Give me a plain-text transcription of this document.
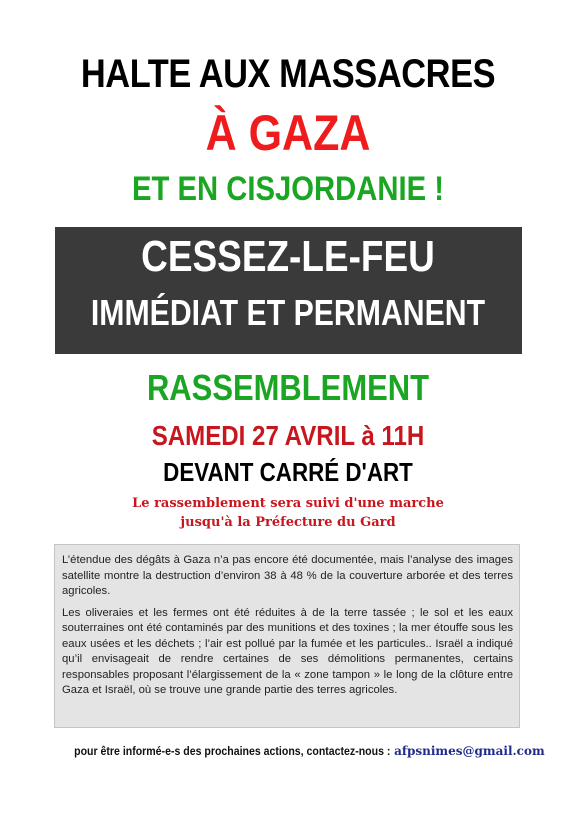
HALTE AUX MASSACRES
À GAZA
ET EN CISJORDANIE !
CESSEZ-LE-FEU
IMMÉDIAT ET PERMANENT
RASSEMBLEMENT
SAMEDI 27 AVRIL à 11H
DEVANT CARRÉ D'ART
Le rassemblement sera suivi d'une marche
jusqu'à la Préfecture du Gard

L’étendue des dégâts à Gaza n’a pas encore été documentée, mais l’analyse des images satellite montre la destruction d’environ 38 à 48 % de la couverture arborée et des terres agricoles.

Les oliveraies et les fermes ont été réduites à de la terre tassée ; le sol et les eaux souterraines ont été contaminés par des munitions et des toxines ; la mer étouffe sous les eaux usées et les déchets ; l’air est pollué par la fumée et les particules.. Israël a indiqué qu’il envisageait de rendre certaines de ses démolitions permanentes, certains responsables proposant l’élargissement de la « zone tampon » le long de la clôture entre Gaza et Israël, où se trouve une grande partie des terres agricoles.

pour être informé-e-s des prochaines actions, contactez-nous : afpsnimes@gmail.com
